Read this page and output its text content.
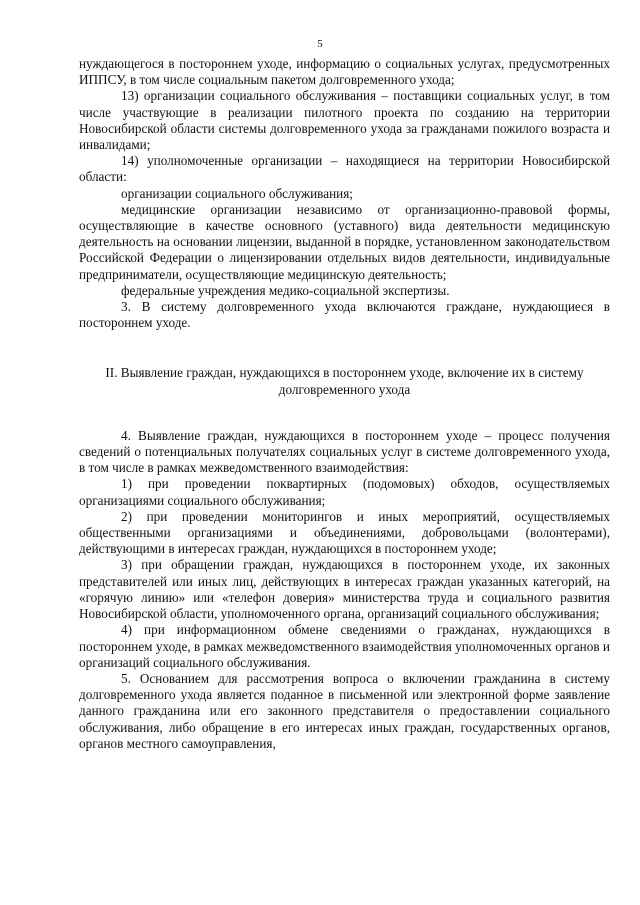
5

нуждающегося в постороннем уходе, информацию о социальных услугах, предусмотренных ИППСУ, в том числе социальным пакетом долговременного ухода;

13) организации социального обслуживания – поставщики социальных услуг, в том числе участвующие в реализации пилотного проекта по созданию на территории Новосибирской области системы долговременного ухода за гражданами пожилого возраста и инвалидами;

14) уполномоченные организации – находящиеся на территории Новосибирской области:

организации социального обслуживания;

медицинские организации независимо от организационно-правовой формы, осуществляющие в качестве основного (уставного) вида деятельности медицинскую деятельность на основании лицензии, выданной в порядке, установленном законодательством Российской Федерации о лицензировании отдельных видов деятельности, индивидуальные предприниматели, осуществляющие медицинскую деятельность;

федеральные учреждения медико-социальной экспертизы.

3. В систему долговременного ухода включаются граждане, нуждающиеся в постороннем уходе.

II. Выявление граждан, нуждающихся в постороннем уходе, включение их в систему долговременного ухода

4. Выявление граждан, нуждающихся в постороннем уходе – процесс получения сведений о потенциальных получателях социальных услуг в системе долговременного ухода, в том числе в рамках межведомственного взаимодействия:

1) при проведении поквартирных (подомовых) обходов, осуществляемых организациями социального обслуживания;

2) при проведении мониторингов и иных мероприятий, осуществляемых общественными организациями и объединениями, добровольцами (волонтерами), действующими в интересах граждан, нуждающихся в постороннем уходе;

3) при обращении граждан, нуждающихся в постороннем уходе, их законных представителей или иных лиц, действующих в интересах граждан указанных категорий, на «горячую линию» или «телефон доверия» министерства труда и социального развития Новосибирской области, уполномоченного органа, организаций социального обслуживания;

4) при информационном обмене сведениями о гражданах, нуждающихся в постороннем уходе, в рамках межведомственного взаимодействия уполномоченных органов и организаций социального обслуживания.

5. Основанием для рассмотрения вопроса о включении гражданина в систему долговременного ухода является поданное в письменной или электронной форме заявление данного гражданина или его законного представителя о предоставлении социального обслуживания, либо обращение в его интересах иных граждан, государственных органов, органов местного самоуправления,
